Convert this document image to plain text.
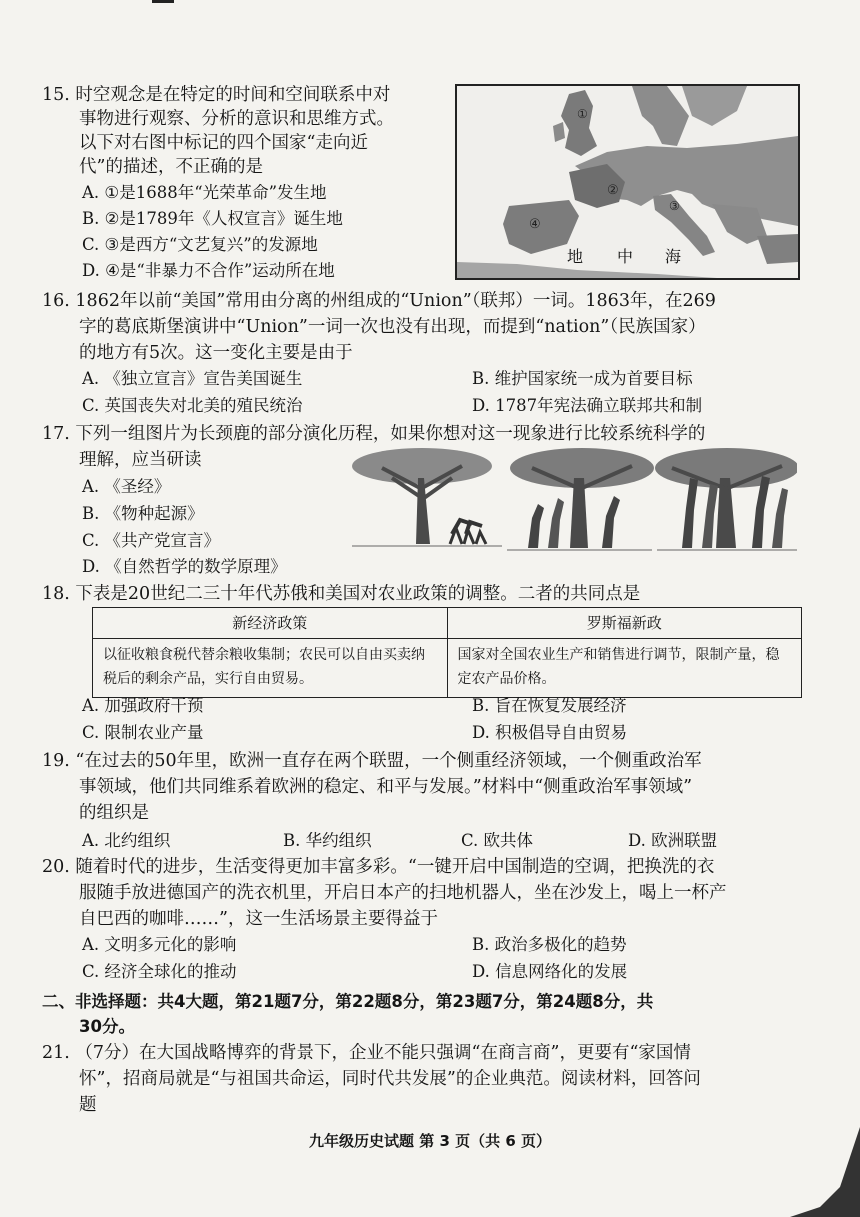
15. 时空观念是在特定的时间和空间联系中对
事物进行观察、分析的意识和思维方式。
以下对右图中标记的四个国家“走向近
代”的描述，不正确的是
A. ①是1688年“光荣革命”发生地
B. ②是1789年《人权宣言》诞生地
C. ③是西方“文艺复兴”的发源地
D. ④是“非暴力不合作”运动所在地
②
④
①
③
地 中 海
16. 1862年以前“美国”常用由分离的州组成的“Union”（联邦）一词。1863年，在269
字的葛底斯堡演讲中“Union”一词一次也没有出现，而提到“nation”（民族国家）
的地方有5次。这一变化主要是由于
A. 《独立宣言》宣告美国诞生	B. 维护国家统一成为首要目标
C. 英国丧失对北美的殖民统治	D. 1787年宪法确立联邦共和制
17. 下列一组图片为长颈鹿的部分演化历程，如果你想对这一现象进行比较系统科学的
理解，应当研读
A. 《圣经》
B. 《物种起源》
C. 《共产党宣言》
D. 《自然哲学的数学原理》
18. 下表是20世纪二三十年代苏俄和美国对农业政策的调整。二者的共同点是
新经济政策	罗斯福新政
以征收粮食税代替余粮收集制；农民可以自由买卖纳税后的剩余产品，实行自由贸易。	国家对全国农业生产和销售进行调节，限制产量，稳定农产品价格。
A. 加强政府干预	B. 旨在恢复发展经济
C. 限制农业产量	D. 积极倡导自由贸易
19. “在过去的50年里，欧洲一直存在两个联盟，一个侧重经济领域，一个侧重政治军
事领域，他们共同维系着欧洲的稳定、和平与发展。”材料中“侧重政治军事领域”
的组织是
A. 北约组织	B. 华约组织	C. 欧共体	D. 欧洲联盟
20. 随着时代的进步，生活变得更加丰富多彩。“一键开启中国制造的空调，把换洗的衣
服随手放进德国产的洗衣机里，开启日本产的扫地机器人，坐在沙发上，喝上一杯产
自巴西的咖啡……”，这一生活场景主要得益于
A. 文明多元化的影响	B. 政治多极化的趋势
C. 经济全球化的推动	D. 信息网络化的发展
二、非选择题：共4大题，第21题7分，第22题8分，第23题7分，第24题8分，共
30分。
21. （7分）在大国战略博弈的背景下，企业不能只强调“在商言商”，更要有“家国情
怀”，招商局就是“与祖国共命运，同时代共发展”的企业典范。阅读材料，回答问
题
九年级历史试题 第 3 页（共 6 页）
